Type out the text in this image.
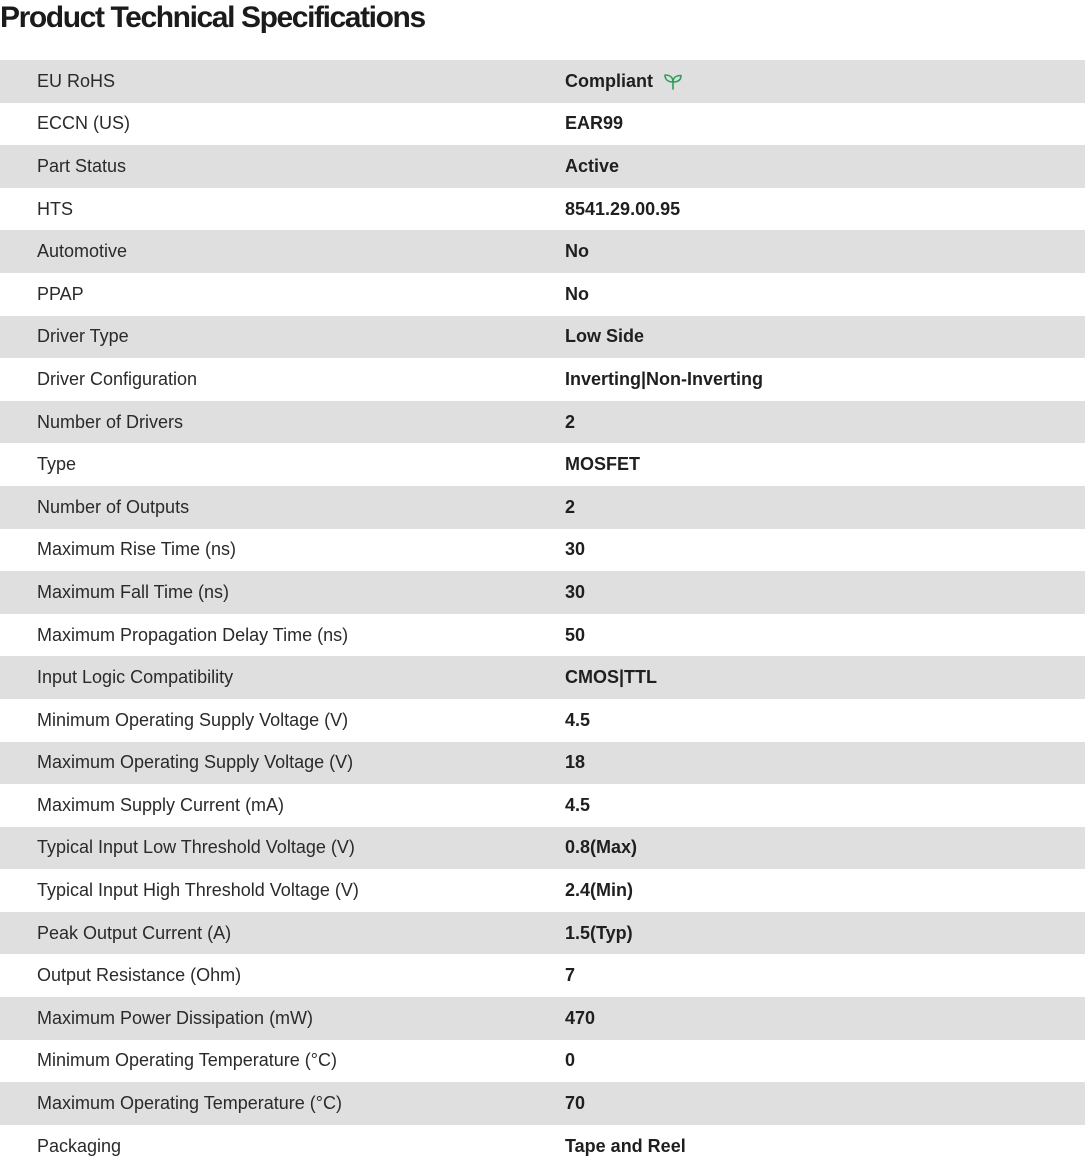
Product Technical Specifications
EU RoHS	Compliant
ECCN (US)	EAR99
Part Status	Active
HTS	8541.29.00.95
Automotive	No
PPAP	No
Driver Type	Low Side
Driver Configuration	Inverting|Non-Inverting
Number of Drivers	2
Type	MOSFET
Number of Outputs	2
Maximum Rise Time (ns)	30
Maximum Fall Time (ns)	30
Maximum Propagation Delay Time (ns)	50
Input Logic Compatibility	CMOS|TTL
Minimum Operating Supply Voltage (V)	4.5
Maximum Operating Supply Voltage (V)	18
Maximum Supply Current (mA)	4.5
Typical Input Low Threshold Voltage (V)	0.8(Max)
Typical Input High Threshold Voltage (V)	2.4(Min)
Peak Output Current (A)	1.5(Typ)
Output Resistance (Ohm)	7
Maximum Power Dissipation (mW)	470
Minimum Operating Temperature (°C)	0
Maximum Operating Temperature (°C)	70
Packaging	Tape and Reel
